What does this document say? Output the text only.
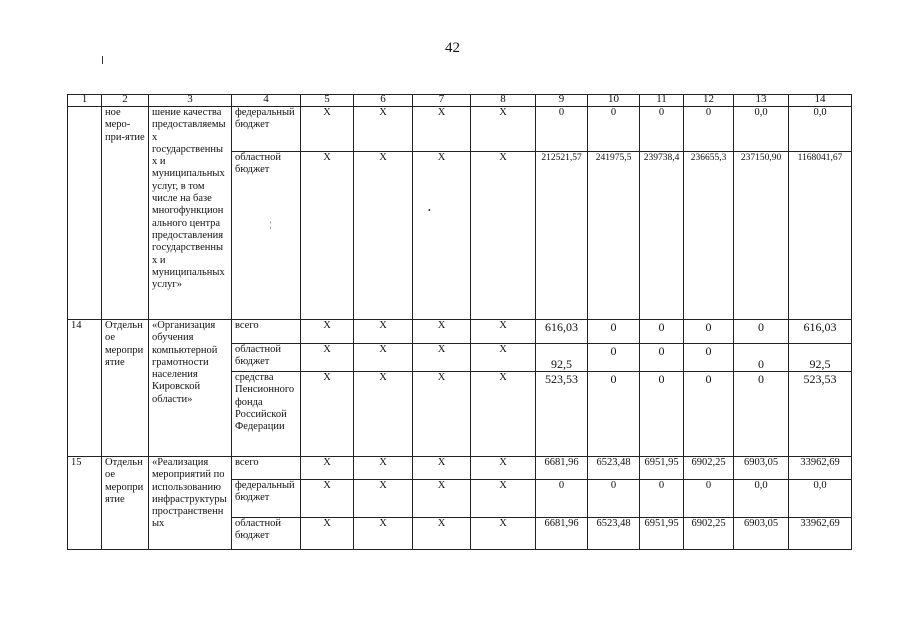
42
•
¦
1	2	3	4	5	6	7	8	9	10	11	12	13	14
	ное меро-при-ятие	шение качества предоставляемых государственных и муниципальных услуг, в том числе на базе многофункционального центра предоставления государственных и муниципальных услуг»	федеральный бюджет	X	X	X	X	0	0	0	0	0,0	0,0
			областной бюджет	X	X	X	X	212521,57	241975,5	239738,4	236655,3	237150,90	1168041,67
14	Отдельное мероприятие	«Организация обучения компьютерной грамотности населения Кировской области»	всего	X	X	X	X	616,03	0	0	0	0	616,03
			областной бюджет	X	X	X	X	92,5	0	0	0	0	92,5
			средства Пенсионного фонда Российской Федерации	X	X	X	X	523,53	0	0	0	0	523,53
15	Отдельное мероприятие	«Реализация мероприятий по использованию инфраструктуры пространственных	всего	X	X	X	X	6681,96	6523,48	6951,95	6902,25	6903,05	33962,69
			федеральный бюджет	X	X	X	X	0	0	0	0	0,0	0,0
			областной бюджет	X	X	X	X	6681,96	6523,48	6951,95	6902,25	6903,05	33962,69
